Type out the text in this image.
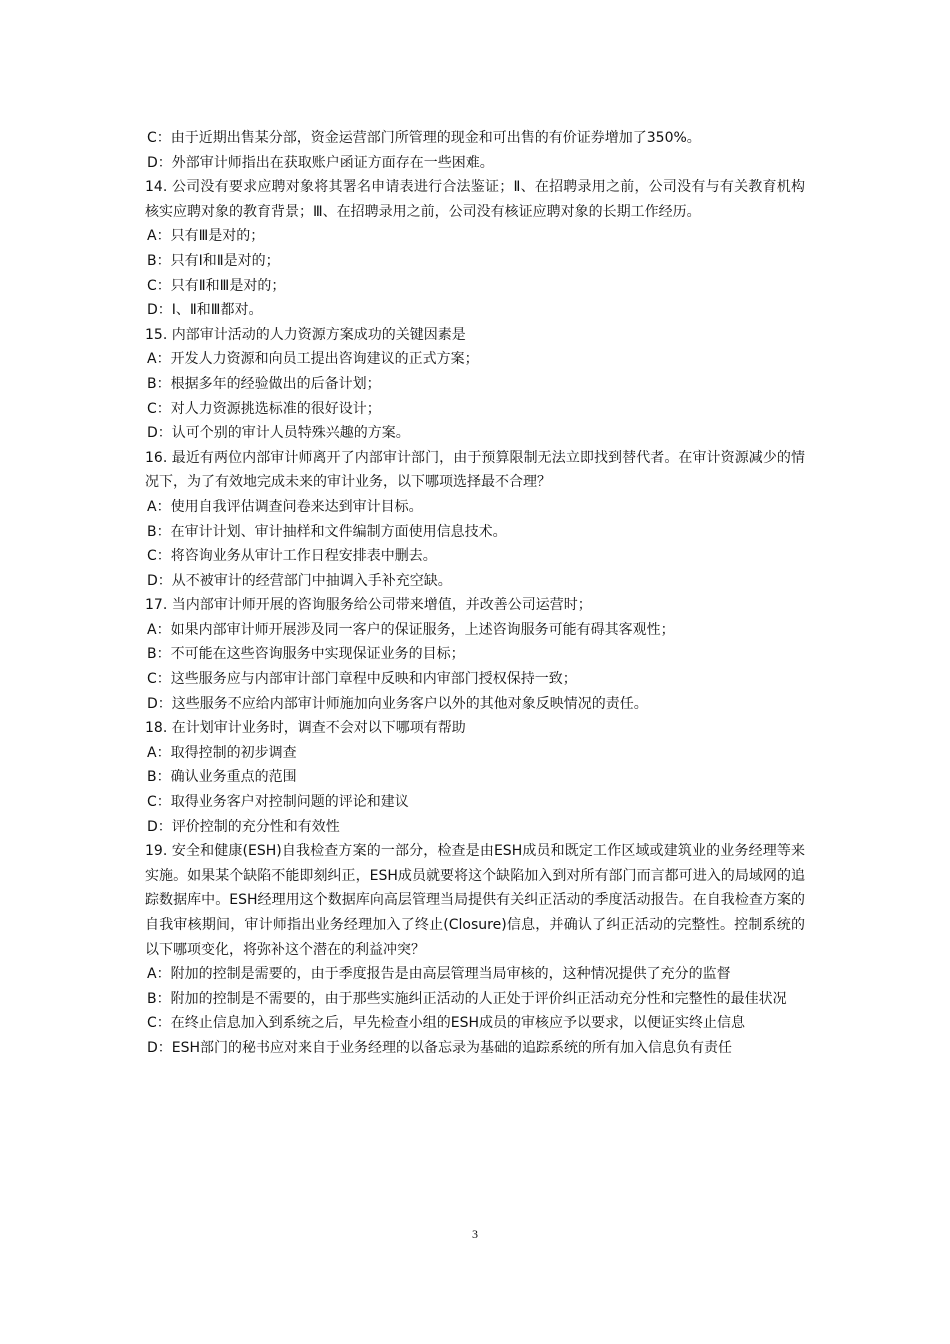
C：由于近期出售某分部，资金运营部门所管理的现金和可出售的有价证券增加了350%。

D：外部审计师指出在获取账户函证方面存在一些困难。

14. 公司没有要求应聘对象将其署名申请表进行合法鉴证；Ⅱ、在招聘录用之前，公司没有与有关教育机构核实应聘对象的教育背景；Ⅲ、在招聘录用之前，公司没有核证应聘对象的长期工作经历。

A：只有Ⅲ是对的；

B：只有Ⅰ和Ⅱ是对的；

C：只有Ⅱ和Ⅲ是对的；

D：Ⅰ、Ⅱ和Ⅲ都对。

15. 内部审计活动的人力资源方案成功的关键因素是

A：开发人力资源和向员工提出咨询建议的正式方案；

B：根据多年的经验做出的后备计划；

C：对人力资源挑选标准的很好设计；

D：认可个别的审计人员特殊兴趣的方案。

16. 最近有两位内部审计师离开了内部审计部门，由于预算限制无法立即找到替代者。在审计资源减少的情况下，为了有效地完成未来的审计业务，以下哪项选择最不合理？

A：使用自我评估调查问卷来达到审计目标。

B：在审计计划、审计抽样和文件编制方面使用信息技术。

C：将咨询业务从审计工作日程安排表中删去。

D：从不被审计的经营部门中抽调入手补充空缺。

17. 当内部审计师开展的咨询服务给公司带来增值，并改善公司运营时；

A：如果内部审计师开展涉及同一客户的保证服务，上述咨询服务可能有碍其客观性；

B：不可能在这些咨询服务中实现保证业务的目标；

C：这些服务应与内部审计部门章程中反映和内审部门授权保持一致；

D：这些服务不应给内部审计师施加向业务客户以外的其他对象反映情况的责任。

18. 在计划审计业务时，调查不会对以下哪项有帮助

A：取得控制的初步调查

B：确认业务重点的范围

C：取得业务客户对控制问题的评论和建议

D：评价控制的充分性和有效性

19. 安全和健康(ESH)自我检查方案的一部分，检查是由ESH成员和既定工作区域或建筑业的业务经理等来实施。如果某个缺陷不能即刻纠正，ESH成员就要将这个缺陷加入到对所有部门而言都可进入的局域网的追踪数据库中。ESH经理用这个数据库向高层管理当局提供有关纠正活动的季度活动报告。在自我检查方案的自我审核期间，审计师指出业务经理加入了终止(Closure)信息，并确认了纠正活动的完整性。控制系统的以下哪项变化，将弥补这个潜在的利益冲突？

A：附加的控制是需要的，由于季度报告是由高层管理当局审核的，这种情况提供了充分的监督

B：附加的控制是不需要的，由于那些实施纠正活动的人正处于评价纠正活动充分性和完整性的最佳状况

C：在终止信息加入到系统之后，早先检查小组的ESH成员的审核应予以要求，以便证实终止信息

D：ESH部门的秘书应对来自于业务经理的以备忘录为基础的追踪系统的所有加入信息负有责任

3
